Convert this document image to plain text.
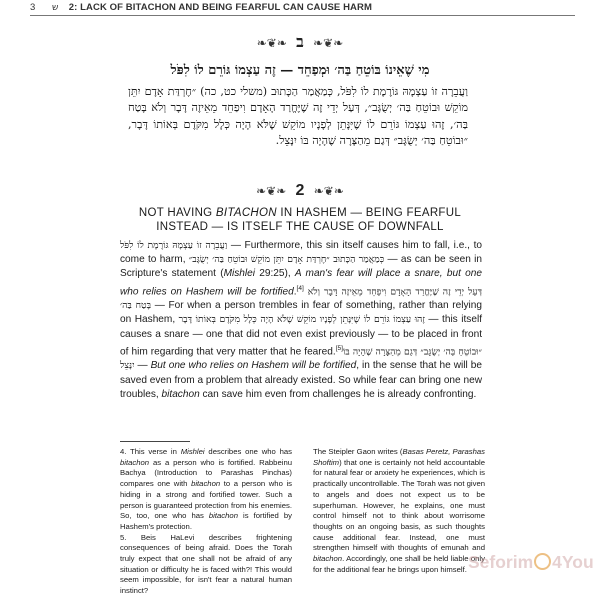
3 ש 2: LACK OF BITACHON AND BEING FEARFUL CAN CAUSE HARM
❧❦❧ ב ❧❦❧
מִי שֶׁאֵינוֹ בּוֹטֵחַ בַּה׳ וּמְפַחֵד — זֶה עַצְמוֹ גּוֹרֵם לוֹ לִפֹּל
וַעֲבֵרָה זוֹ עַצְמָהּ גּוֹרֶמֶת לוֹ לִפֹּל, כְּמַאֲמַר הַכָּתוּב (משלי כט, כה) ״חֶרְדַּת אָדָם יִתֵּן מוֹקֵשׁ וּבוֹטֵחַ בַּה׳ יְשֻׂגָּב״, דְּעַל יְדֵי זֶה שֶׁיֶּחֱרַד הָאָדָם וִיפַחֵד מֵאֵיזֶה דָּבָר וְלֹא בָּטַח בַּה׳, זֶהוּ עַצְמוֹ גּוֹרֵם לוֹ שֶׁיִּנָּתֵן לְפָנָיו מוֹקֵשׁ שֶׁלֹּא הָיָה כְּלָל מִקֹּדֶם בְּאוֹתוֹ דָּבָר, ״וּבוֹטֵחַ בַּה׳ יְשֻׂגָּב״ דְּגַם מֵהַצָּרָה שֶׁהָיָה בּוֹ יִנָּצֵל.
❧❦❧ 2 ❧❦❧
NOT HAVING BITACHON IN HASHEM — BEING FEARFUL
INSTEAD — IS ITSELF THE CAUSE OF DOWNFALL
וַעֲבֵרָה זוֹ עַצְמָהּ גּוֹרֶמֶת לוֹ לִפֹּל — Furthermore, this sin itself causes him to fall, i.e., to come to harm, כְּמַאֲמַר הַכָּתוּב ״חֶרְדַּת אָדָם יִתֵּן מוֹקֵשׁ וּבוֹטֵחַ בַּה׳ יְשֻׂגָּב״ — as can be seen in Scripture's statement (Mishlei 29:25), A man's fear will place a snare, but one who relies on Hashem will be fortified.[4] דְּעַל יְדֵי זֶה שֶׁיֶּחֱרַד הָאָדָם וִיפַחֵד מֵאֵיזֶה דָּבָר וְלֹא בָּטַח בַּה׳ — For when a person trembles in fear of something, rather than relying on Hashem, זֶהוּ עַצְמוֹ גּוֹרֵם לוֹ שֶׁיִּנָּתֵן לְפָנָיו מוֹקֵשׁ שֶׁלֹּא הָיָה כְּלָל מִקֹּדֶם בְּאוֹתוֹ דָּבָר — this itself causes a snare — one that did not even exist previously — to be placed in front of him regarding that very matter that he feared.[5]״וּבוֹטֵחַ בַּה׳ יְשֻׂגָּב״ דְּגַם מֵהַצָּרָה שֶׁהָיָה בּוֹ יִנָּצֵל — But one who relies on Hashem will be fortified, in the sense that he will be saved even from a problem that already existed. So while fear can bring one new troubles, bitachon can save him even from challenges he is already confronting.
4. This verse in Mishlei describes one who has bitachon as a person who is fortified. Rabbeinu Bachya (Introduction to Parashas Pinchas) compares one with bitachon to a person who is hiding in a strong and fortified tower. Such a person is guaranteed protection from his enemies. So, too, one who has bitachon is fortified by Hashem's protection.
5. Beis HaLevi describes frightening consequences of being afraid. Does the Torah truly expect that one shall not be afraid of any situation or difficulty he is faced with?! This would seem impossible, for isn't fear a natural human instinct?
The Steipler Gaon writes (Basas Peretz, Parashas Shoftim) that one is certainly not held accountable for natural fear or anxiety he experiences, which is practically uncontrollable. The Torah was not given to angels and does not expect us to be superhuman. However, he explains, one must control himself not to think about worrisome thoughts on an ongoing basis, as such thoughts cause additional fear. Instead, one must strengthen himself with thoughts of emunah and bitachon. Accordingly, one shall be held liable only for the additional fear he brings upon himself. Seforim 4You
